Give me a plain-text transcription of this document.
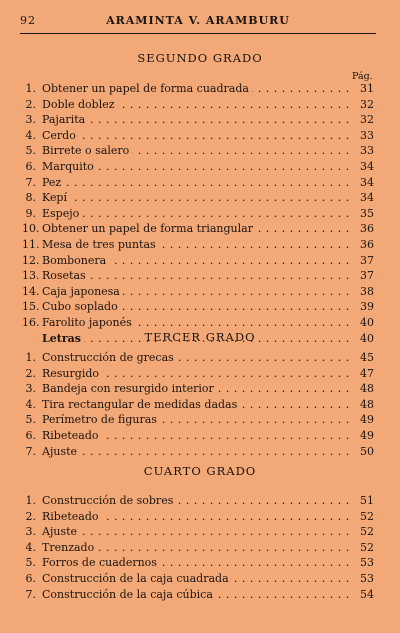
92	ARAMINTA V. ARAMBURU
Pág.
SEGUNDO GRADO
1. . . . Obtener un papel de forma cuadrada	31
2. . . . Doble doblez	32
3. . . . Pajarita	32
4. . . . Cerdo	33
5. . . . Birrete o salero	33
6. . . . Marquito	34
7. . . . Pez	34
8. . . . Kepí	34
9. . . . Espejo	35
10. . . . Obtener un papel de forma triangular	36
11. . . . Mesa de tres puntas	36
12. . . . Bombonera	37
13. . . . Rosetas	37
14. . . . Caja japonesa	38
15. . . . Cubo soplado	39
16. . . . Farolito japonés	40
. . . Letras	40
TERCER GRADO
1. . . . Construcción de grecas	45
2. . . . Resurgido	47
3. . . . Bandeja con resurgido interior	48
4. . . . Tira rectangular de medidas dadas	48
5. . . . Perímetro de figuras	49
6. . . . Ribeteado	49
7. . . . Ajuste	50
CUARTO GRADO
1. . . . Construcción de sobres	51
2. . . . Ribeteado	52
3. . . . Ajuste	52
4. . . . Trenzado	52
5. . . . Forros de cuadernos	53
6. . . . Construcción de la caja cuadrada	53
7. . . . Construcción de la caja cúbica	54
